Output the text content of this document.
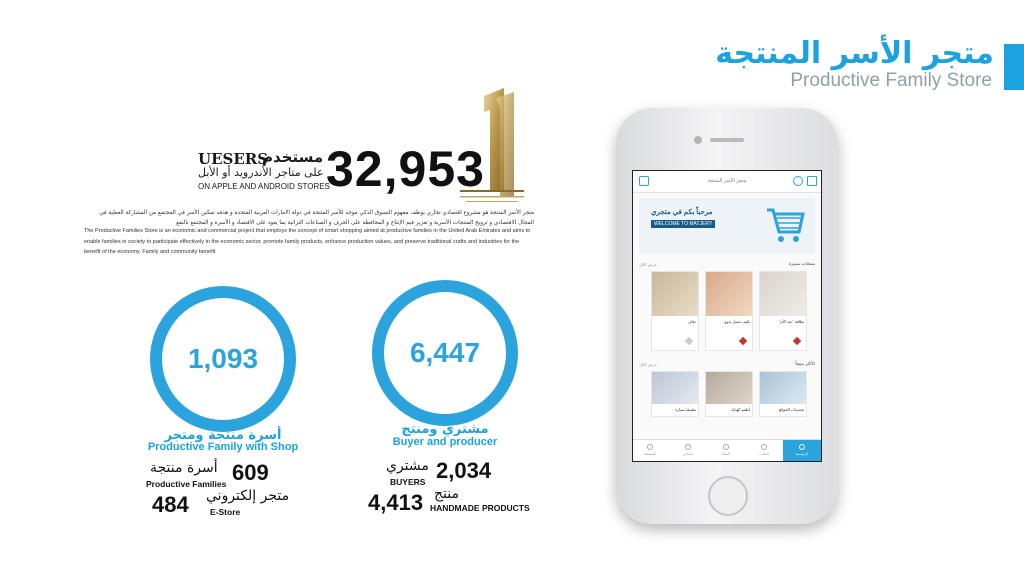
متجر الأسر المنتجة
Productive Family Store
32,953
UESERS
مستخدم
على متاجر الأندرويد أو الأبل
ON APPLE AND ANDROID STORES
متجر الأسر المنتجة هو مشروع اقتصادي تجاري يوظف مفهوم التسوق الذكي موجه للأسر المنتجة في دولة الامارات العربية المتحدة و هدفه تمكين الأسر في المجتمع من المشاركة الفعلية في المجال الاقتصادي و ترويج المنتجات الأسرية و تعزيز قيم الإنتاج و المحافظة على الحرف و الصناعات التراثية بما يعود على الاقتصاد و الأسرة و المجتمع بالنفع
The Productive Families Store is an economic and commercial project that employs the concept of smart shopping aimed at productive families in the United Arab Emirates and aims to enable families in society to participate effectively in the economic sector, promote family products, enhance production values, and preserve traditional crafts and industries for the benefit of the economy. Family and community benefit
1,093
أسرة منتجة ومتجر
Productive Family with Shop
609
أسرة منتجة
Productive Families
484 متجر إلكتروني
E-Store
6,447
مشتري ومنتج
Buyer and producer
2,034
مشتري
BUYERS
4,413 منتج
HANDMADE PRODUCTS
متجر الأسر المنتجة
مرحباً بكم في متجري
WELCOME TO MATJERY
منتجات مميزة
عرض الكل
بطاقة "عيد الأم"
تكيف ضمل يدوي
دفاتر
الأكثر مبيعاً
عرض الكل
تجديدات الحوائج
أطقم الهديّة
تطبيقة سيارة
الرئيسية
الفئات
السلة
حسابي
المفضلة
